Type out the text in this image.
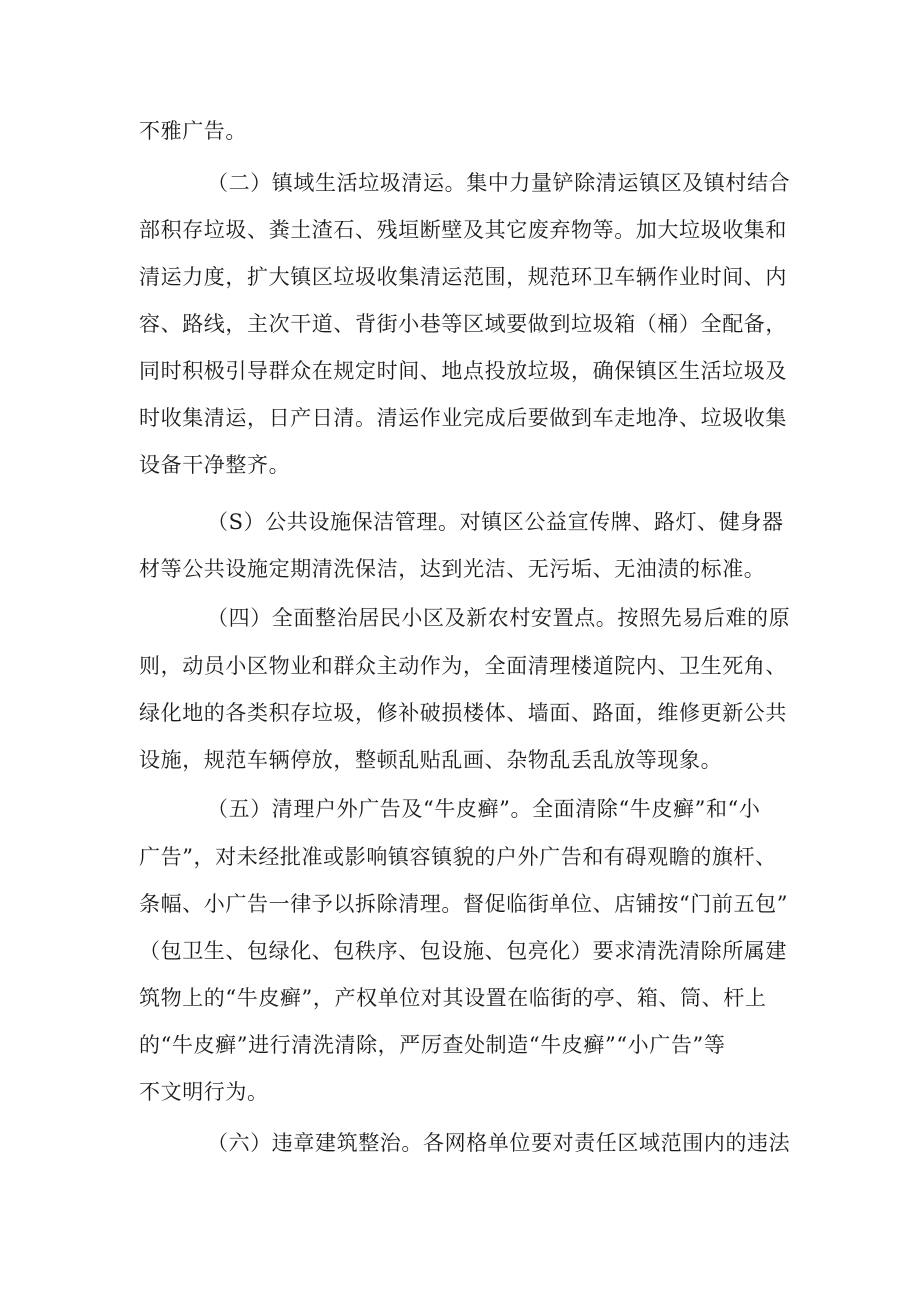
不雅广告。
（二）镇域生活垃圾清运。集中力量铲除清运镇区及镇村结合
部积存垃圾、粪土渣石、残垣断壁及其它废弃物等。加大垃圾收集和
清运力度，扩大镇区垃圾收集清运范围，规范环卫车辆作业时间、内
容、路线，主次干道、背街小巷等区域要做到垃圾箱（桶）全配备，
同时积极引导群众在规定时间、地点投放垃圾，确保镇区生活垃圾及
时收集清运，日产日清。清运作业完成后要做到车走地净、垃圾收集
设备干净整齐。
（S）公共设施保洁管理。对镇区公益宣传牌、路灯、健身器
材等公共设施定期清洗保洁，达到光洁、无污垢、无油渍的标准。
（四）全面整治居民小区及新农村安置点。按照先易后难的原
则，动员小区物业和群众主动作为，全面清理楼道院内、卫生死角、
绿化地的各类积存垃圾，修补破损楼体、墙面、路面，维修更新公共
设施，规范车辆停放，整顿乱贴乱画、杂物乱丢乱放等现象。
（五）清理户外广告及“牛皮癣”。全面清除“牛皮癣”和“小
广告”，对未经批准或影响镇容镇貌的户外广告和有碍观瞻的旗杆、
条幅、小广告一律予以拆除清理。督促临街单位、店铺按“门前五包”
（包卫生、包绿化、包秩序、包设施、包亮化）要求清洗清除所属建
筑物上的“牛皮癣”，产权单位对其设置在临街的亭、箱、筒、杆上
的“牛皮癣”进行清洗清除，严厉查处制造“牛皮癣”“小广告”等
不文明行为。
（六）违章建筑整治。各网格单位要对责任区域范围内的违法
